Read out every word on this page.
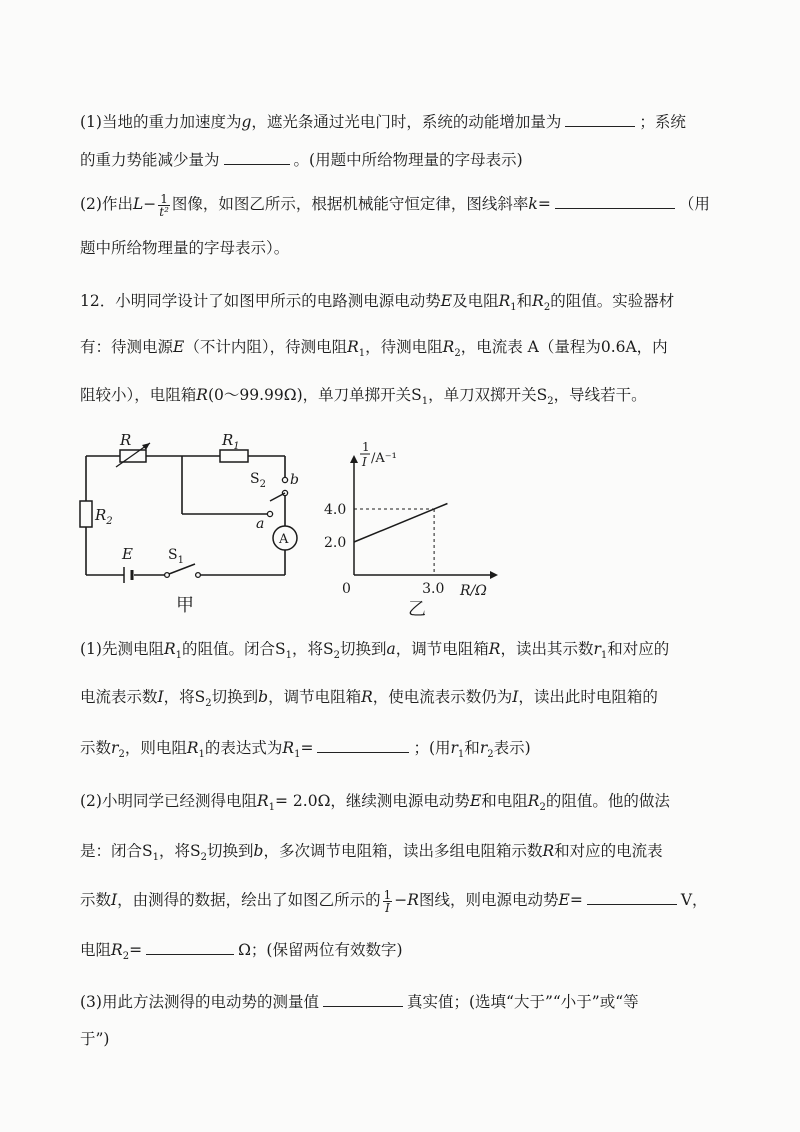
(1)当地的重力加速度为g，遮光条通过光电门时，系统的动能增加量为	；系统
的重力势能减少量为	。(用题中所给物理量的字母表示)
(2)作出$L- \frac{1}{\text{t²}}$ 图像，如图乙所示，根据机械能守恒定律，图线斜率k=	（用
题中所给物理量的字母表示）。
12．小明同学设计了如图甲所示的电路测电源电动势E及电阻$R_1$和$R_2$的阻值。实验器材
有：待测电源E（不计内阻），待测电阻$R_1$，待测电阻$R_2$，电流表 A（量程为0.6A，内
阻较小），电阻箱R(0～99.99Ω)，单刀单掷开关$S_1$，单刀双掷开关$S_2$，导线若干。
R	$R_1$
$R_2$
$S_2$ b
a
A
E	$S_1$
甲
4.0
2.0
0	3.0 R/Ω
1
I /A⁻¹
乙
(1)先测电阻$R_1$的阻值。闭合$S_1$，将$S_2$切换到a，调节电阻箱R，读出其示数$r_1$和对应的
电流表示数I，将$S_2$切换到b，调节电阻箱R，使电流表示数仍为I，读出此时电阻箱的
示数$r_2$，则电阻$R_1$的表达式为$R_1=$	；(用$r_1$和$r_2$表示)
(2)小明同学已经测得电阻$R_1= 2.0\Omega$，继续测电源电动势E和电阻$R_2$的阻值。他的做法
是：闭合$S_1$，将$S_2$切换到b，多次调节电阻箱，读出多组电阻箱示数R和对应的电流表
示数I，由测得的数据，绘出了如图乙所示的 $\frac{1}{I} -R$图线，则电源电动势E=	V，
电阻$R_2=$	Ω；(保留两位有效数字)
(3)用此方法测得的电动势的测量值	真实值；(选填“大于”“小于”或“等
于”)
